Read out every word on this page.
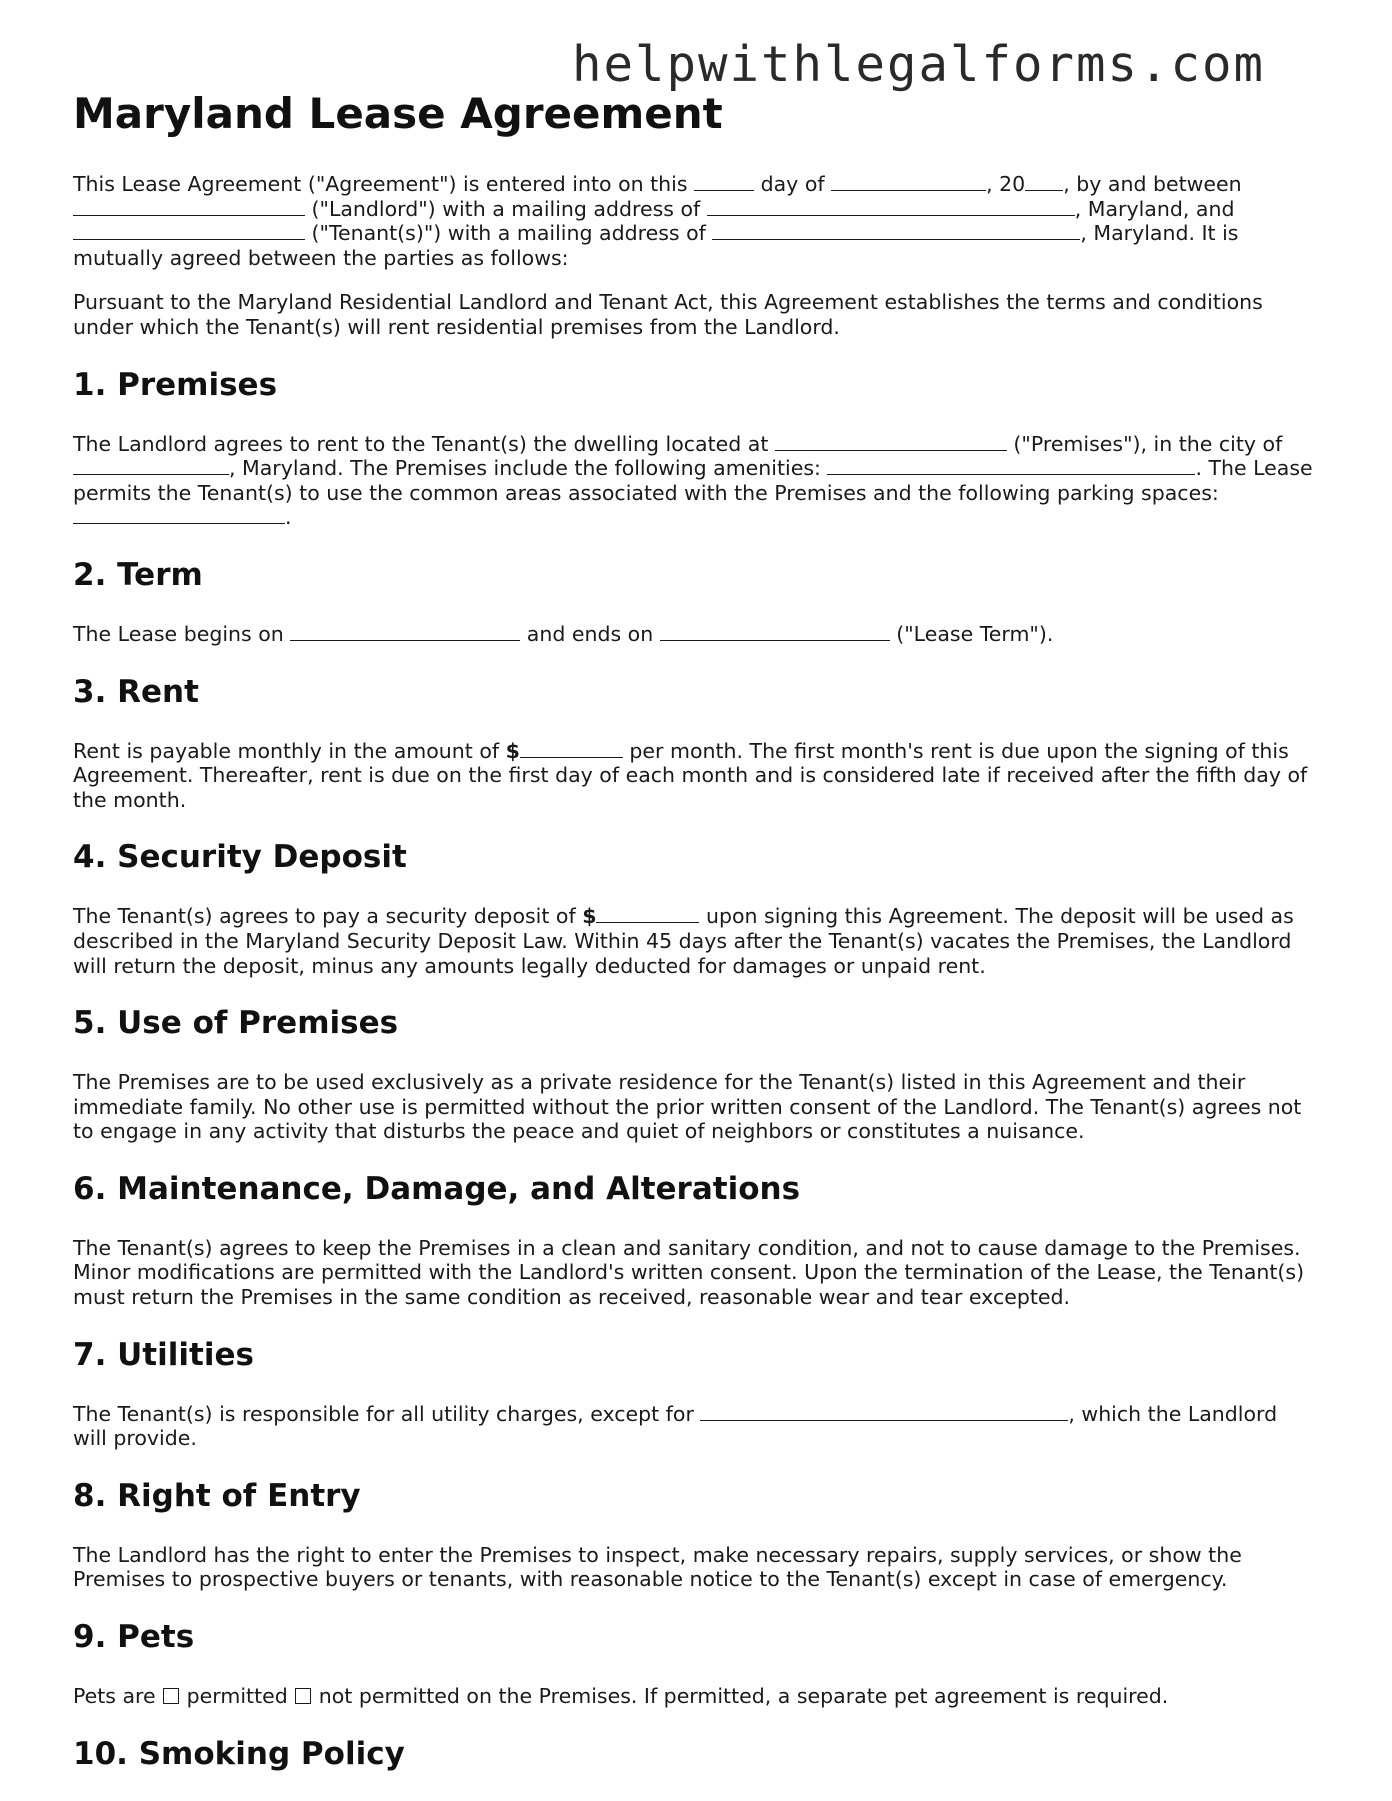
helpwithlegalforms.com
Maryland Lease Agreement

This Lease Agreement ("Agreement") is entered into on this	day of	, 20 , by and between  ("Landlord") with a mailing address of	, Maryland, and  ("Tenant(s)") with a mailing address of	, Maryland. It is mutually agreed between the parties as follows:

Pursuant to the Maryland Residential Landlord and Tenant Act, this Agreement establishes the terms and conditions under which the Tenant(s) will rent residential premises from the Landlord.

1. Premises

The Landlord agrees to rent to the Tenant(s) the dwelling located at	("Premises"), in the city of , Maryland. The Premises include the following amenities:	. The Lease permits the Tenant(s) to use the common areas associated with the Premises and the following parking spaces: .

2. Term

The Lease begins on	and ends on	("Lease Term").

3. Rent

Rent is payable monthly in the amount of $	per month. The first month's rent is due upon the signing of this Agreement. Thereafter, rent is due on the first day of each month and is considered late if received after the fifth day of the month.

4. Security Deposit

The Tenant(s) agrees to pay a security deposit of $	upon signing this Agreement. The deposit will be used as described in the Maryland Security Deposit Law. Within 45 days after the Tenant(s) vacates the Premises, the Landlord will return the deposit, minus any amounts legally deducted for damages or unpaid rent.

5. Use of Premises

The Premises are to be used exclusively as a private residence for the Tenant(s) listed in this Agreement and their immediate family. No other use is permitted without the prior written consent of the Landlord. The Tenant(s) agrees not to engage in any activity that disturbs the peace and quiet of neighbors or constitutes a nuisance.

6. Maintenance, Damage, and Alterations

The Tenant(s) agrees to keep the Premises in a clean and sanitary condition, and not to cause damage to the Premises. Minor modifications are permitted with the Landlord's written consent. Upon the termination of the Lease, the Tenant(s) must return the Premises in the same condition as received, reasonable wear and tear excepted.

7. Utilities

The Tenant(s) is responsible for all utility charges, except for	, which the Landlord will provide.

8. Right of Entry

The Landlord has the right to enter the Premises to inspect, make necessary repairs, supply services, or show the Premises to prospective buyers or tenants, with reasonable notice to the Tenant(s) except in case of emergency.

9. Pets

Pets are  permitted  not permitted on the Premises. If permitted, a separate pet agreement is required.

10. Smoking Policy
